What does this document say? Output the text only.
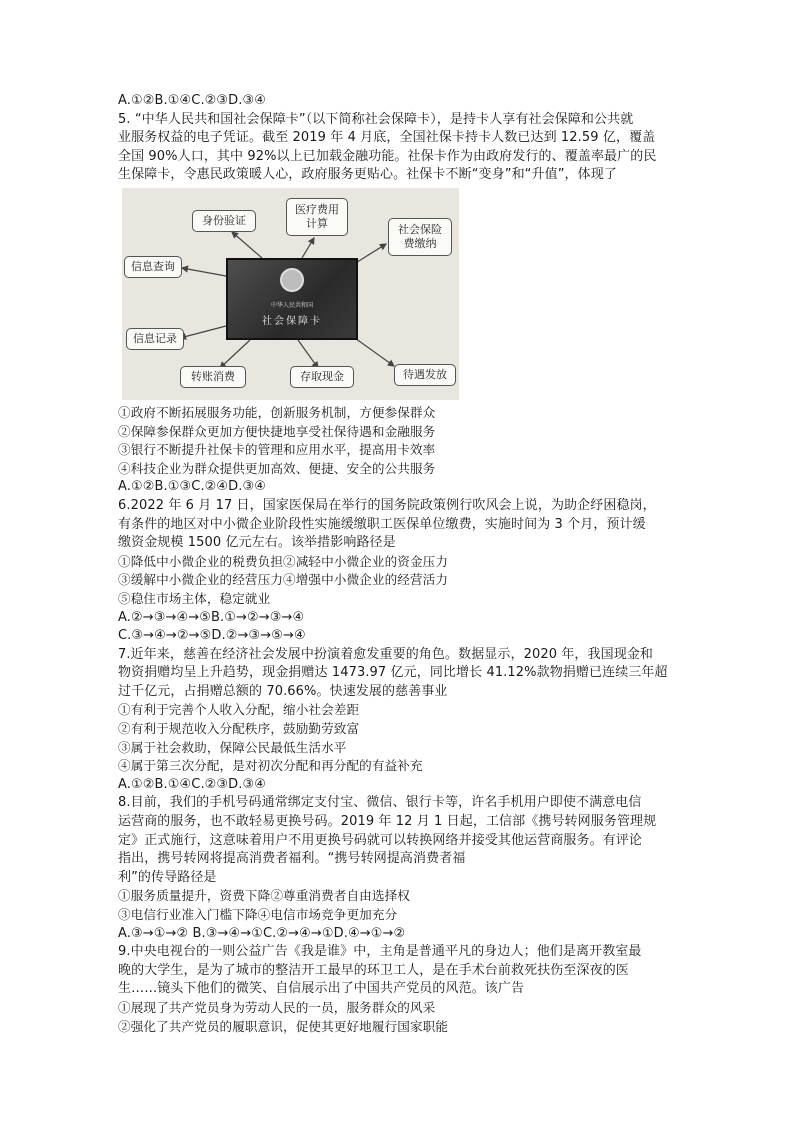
A.①②B.①④C.②③D.③④
5. “中华人民共和国社会保障卡”（以下简称社会保障卡），是持卡人享有社会保障和公共就
业服务权益的电子凭证。截至 2019 年 4 月底，全国社保卡持卡人数已达到 12.59 亿，覆盖
全国 90%人口，其中 92%以上已加载金融功能。社保卡作为由政府发行的、覆盖率最广的民
生保障卡，令惠民政策暖人心，政府服务更贴心。社保卡不断“变身”和“升值”，体现了
中华人民共和国
社会保障卡
身份验证
医疗费用
计算	社会保险
费缴纳
信息查询
信息记录
转账消费	存取现金	待遇发放
①政府不断拓展服务功能，创新服务机制，方便参保群众
②保障参保群众更加方便快捷地享受社保待遇和金融服务
③银行不断提升社保卡的管理和应用水平，提高用卡效率
④科技企业为群众提供更加高效、便捷、安全的公共服务
A.①②B.①③C.②④D.③④
6.2022 年 6 月 17 日，国家医保局在举行的国务院政策例行吹风会上说，为助企纾困稳岗，
有条件的地区对中小微企业阶段性实施缓缴职工医保单位缴费，实施时间为 3 个月，预计缓
缴资金规模 1500 亿元左右。该举措影响路径是
①降低中小微企业的税费负担②减轻中小微企业的资金压力
③缓解中小微企业的经营压力④增强中小微企业的经营活力
⑤稳住市场主体，稳定就业
A.②→③→④→⑤B.①→②→③→④
C.③→④→②→⑤D.②→③→⑤→④
7.近年来，慈善在经济社会发展中扮演着愈发重要的角色。数据显示，2020 年，我国现金和
物资捐赠均呈上升趋势，现金捐赠达 1473.97 亿元，同比增长 41.12%款物捐赠已连续三年超
过千亿元，占捐赠总额的 70.66%。快速发展的慈善事业
①有利于完善个人收入分配，缩小社会差距
②有利于规范收入分配秩序，鼓励勤劳致富
③属于社会救助，保障公民最低生活水平
④属于第三次分配，是对初次分配和再分配的有益补充
A.①②B.①④C.②③D.③④
8.目前，我们的手机号码通常绑定支付宝、微信、银行卡等，许名手机用户即使不满意电信
运营商的服务，也不敢轻易更换号码。2019 年 12 月 1 日起，工信部《携号转网服务管理规
定》正式施行，这意味着用户不用更换号码就可以转换网络并接受其他运营商服务。有评论
指出，携号转网将提高消费者福利。“携号转网提高消费者福
利”的传导路径是
①服务质量提升，资费下降②尊重消费者自由选择权
③电信行业准入门槛下降④电信市场竞争更加充分
A.③→①→② B.③→④→①C.②→④→①D.④→①→②
9.中央电视台的一则公益广告《我是谁》中，主角是普通平凡的身边人；他们是离开教室最
晚的大学生，是为了城市的整洁开工最早的环卫工人，是在手术台前救死扶伤至深夜的医
生……镜头下他们的微笑、自信展示出了中国共产党员的风范。该广告
①展现了共产党员身为劳动人民的一员，服务群众的风采
②强化了共产党员的履职意识，促使其更好地履行国家职能
